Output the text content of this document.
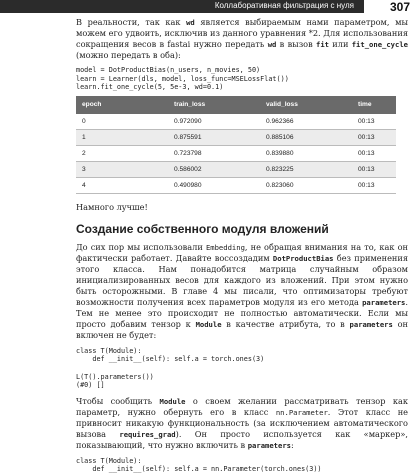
Коллаборативная фильтрация с нуля	307

В реальности, так как wd является выбираемым нами параметром, мы можем его удвоить, исключив из данного уравнения *2. Для использования сокращения весов в fastai нужно передать wd в вызов fit или fit_one_cycle (можно передать в оба):

model = DotProductBias(n_users, n_movies, 50)
learn = Learner(dls, model, loss_func=MSELossFlat())
learn.fit_one_cycle(5, 5e-3, wd=0.1)
epoch	train_loss	valid_loss	time
0	0.972090	0.962366	00:13
1	0.875591	0.885106	00:13
2	0.723798	0.839880	00:13
3	0.586002	0.823225	00:13
4	0.490980	0.823060	00:13

Намного лучше!

Создание собственного модуля вложений

До сих пор мы использовали Embedding, не обращая внимания на то, как он фактически работает. Давайте воссоздадим DotProductBias без применения этого класса. Нам понадобится матрица случайным образом инициализированных весов для каждого из вложений. При этом нужно быть осторожными. В главе 4 мы писали, что оптимизаторы требуют возможности получения всех параметров модуля из его метода parameters. Тем не менее это происходит не полностью автоматически. Если мы просто добавим тензор к Module в качестве атрибута, то в parameters он включен не будет:

class T(Module):
def __init__(self): self.a = torch.ones(3)

L(T().parameters())
(#0) []

Чтобы сообщить Module о своем желании рассматривать тензор как параметр, нужно обернуть его в класс nn.Parameter. Этот класс не привносит никакую функциональность (за исключением автоматического вызова requires_grad). Он просто используется как «маркер», показывающий, что нужно включить в parameters:

class T(Module):
def __init__(self): self.a = nn.Parameter(torch.ones(3))
